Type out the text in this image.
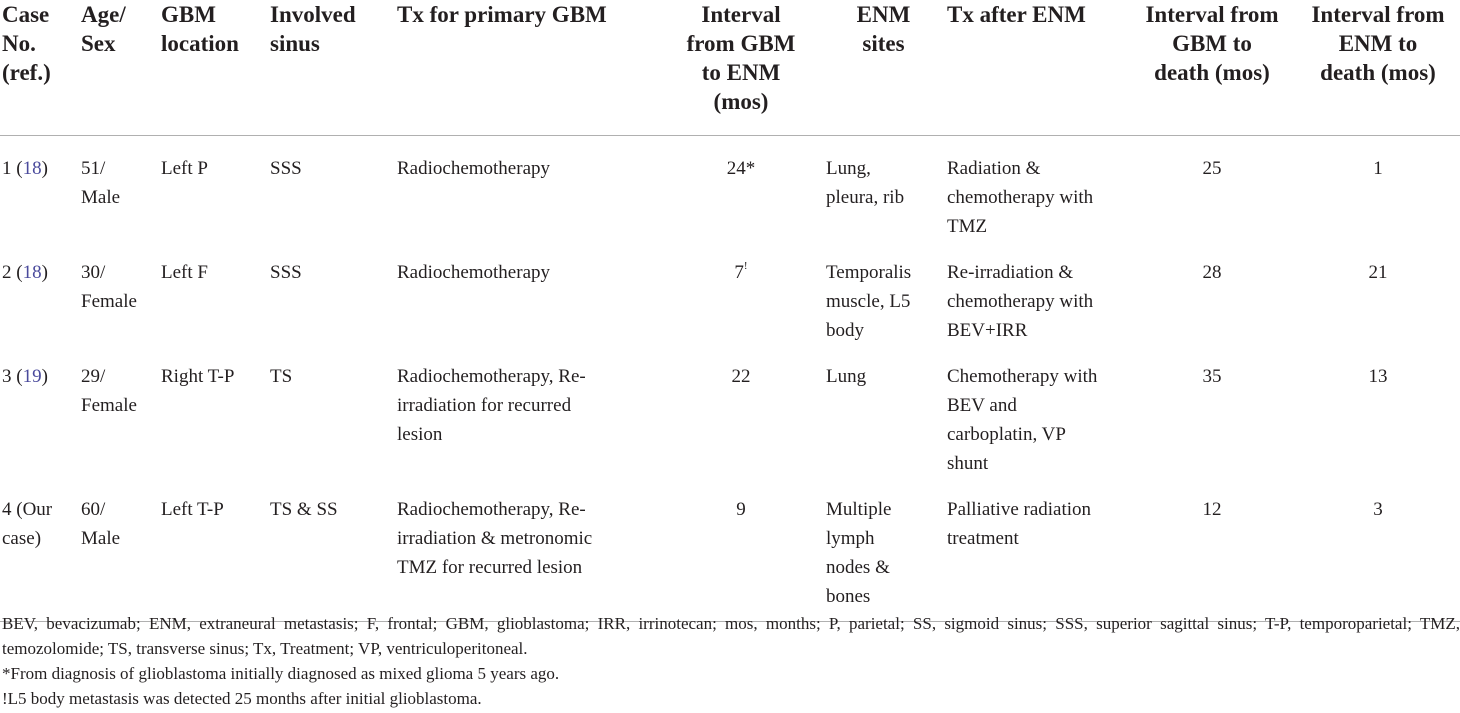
Case
No.
(ref.)	Age/
Sex	GBM
location	Involved
sinus	Tx for primary GBM	Interval
from GBM
to ENM
(mos)	ENM
sites	Tx after ENM	Interval from
GBM to
death (mos)	Interval from
ENM to
death (mos)
1 (18)	51/
Male	Left P	SSS	Radiochemotherapy	24*	Lung,
pleura, rib	Radiation &
chemotherapy with
TMZ	25	1
2 (18)	30/
Female	Left F	SSS	Radiochemotherapy	7!	Temporalis
muscle, L5
body	Re-irradiation &
chemotherapy with
BEV+IRR	28	21
3 (19)	29/
Female	Right T-P	TS	Radiochemotherapy, Re-
irradiation for recurred
lesion	22	Lung	Chemotherapy with
BEV and
carboplatin, VP
shunt	35	13
4 (Our
case)	60/
Male	Left T-P	TS & SS	Radiochemotherapy, Re-
irradiation & metronomic
TMZ for recurred lesion	9	Multiple
lymph
nodes &
bones	Palliative radiation
treatment	12	3

BEV, bevacizumab; ENM, extraneural metastasis; F, frontal; GBM, glioblastoma; IRR, irrinotecan; mos, months; P, parietal; SS, sigmoid sinus; SSS, superior sagittal sinus; T-P, temporoparietal; TMZ, temozolomide; TS, transverse sinus; Tx, Treatment; VP, ventriculoperitoneal.

*From diagnosis of glioblastoma initially diagnosed as mixed glioma 5 years ago.

!L5 body metastasis was detected 25 months after initial glioblastoma.
